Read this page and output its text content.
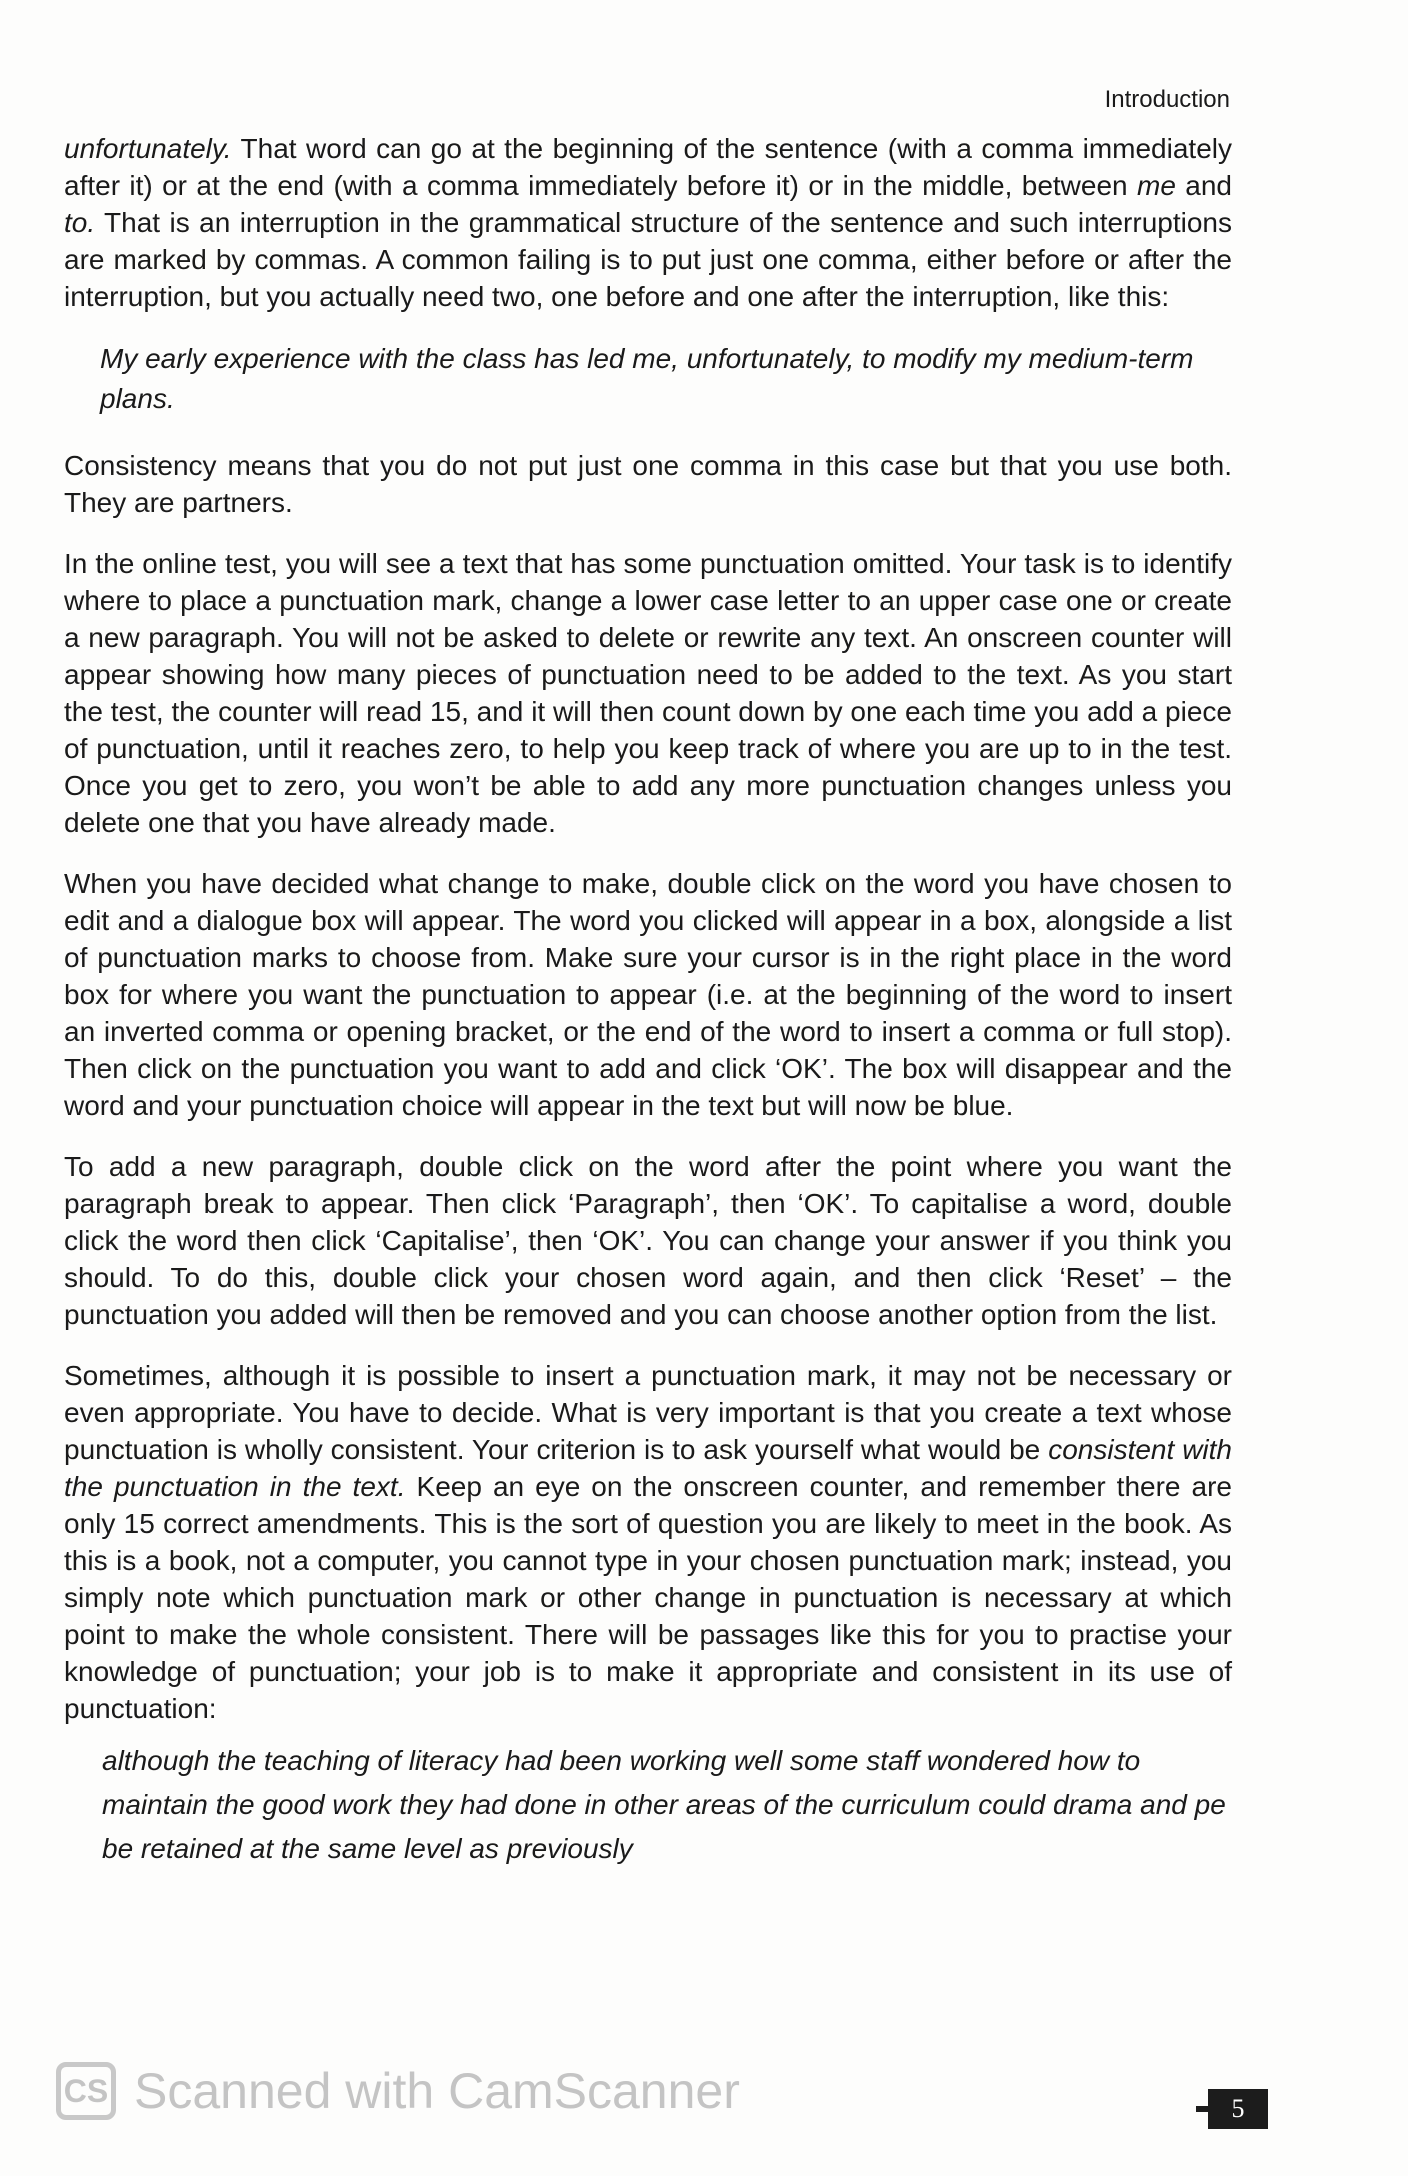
Introduction

unfortunately. That word can go at the beginning of the sentence (with a comma immediately after it) or at the end (with a comma immediately before it) or in the middle, between me and to. That is an interruption in the grammatical structure of the sentence and such interruptions are marked by commas. A common failing is to put just one comma, either before or after the interruption, but you actually need two, one before and one after the interruption, like this:

My early experience with the class has led me, unfortunately, to modify my medium-term plans.

Consistency means that you do not put just one comma in this case but that you use both. They are partners.

In the online test, you will see a text that has some punctuation omitted. Your task is to identify where to place a punctuation mark, change a lower case letter to an upper case one or create a new paragraph. You will not be asked to delete or rewrite any text. An onscreen counter will appear showing how many pieces of punctuation need to be added to the text. As you start the test, the counter will read 15, and it will then count down by one each time you add a piece of punctuation, until it reaches zero, to help you keep track of where you are up to in the test. Once you get to zero, you won’t be able to add any more punctuation changes unless you delete one that you have already made.

When you have decided what change to make, double click on the word you have chosen to edit and a dialogue box will appear. The word you clicked will appear in a box, alongside a list of punctuation marks to choose from. Make sure your cursor is in the right place in the word box for where you want the punctuation to appear (i.e. at the beginning of the word to insert an inverted comma or opening bracket, or the end of the word to insert a comma or full stop). Then click on the punctuation you want to add and click ‘OK’. The box will disappear and the word and your punctuation choice will appear in the text but will now be blue.

To add a new paragraph, double click on the word after the point where you want the paragraph break to appear. Then click ‘Paragraph’, then ‘OK’. To capitalise a word, double click the word then click ‘Capitalise’, then ‘OK’. You can change your answer if you think you should. To do this, double click your chosen word again, and then click ‘Reset’ – the punctuation you added will then be removed and you can choose another option from the list.

Sometimes, although it is possible to insert a punctuation mark, it may not be necessary or even appropriate. You have to decide. What is very important is that you create a text whose punctuation is wholly consistent. Your criterion is to ask yourself what would be consistent with the punctuation in the text. Keep an eye on the onscreen counter, and remember there are only 15 correct amendments. This is the sort of question you are likely to meet in the book. As this is a book, not a computer, you cannot type in your chosen punctuation mark; instead, you simply note which punctuation mark or other change in punctuation is necessary at which point to make the whole consistent. There will be passages like this for you to practise your knowledge of punctuation; your job is to make it appropriate and consistent in its use of punctuation:

although the teaching of literacy had been working well some staff wondered how to maintain the good work they had done in other areas of the curriculum could drama and pe be retained at the same level as previously
CS Scanned with CamScanner	5
